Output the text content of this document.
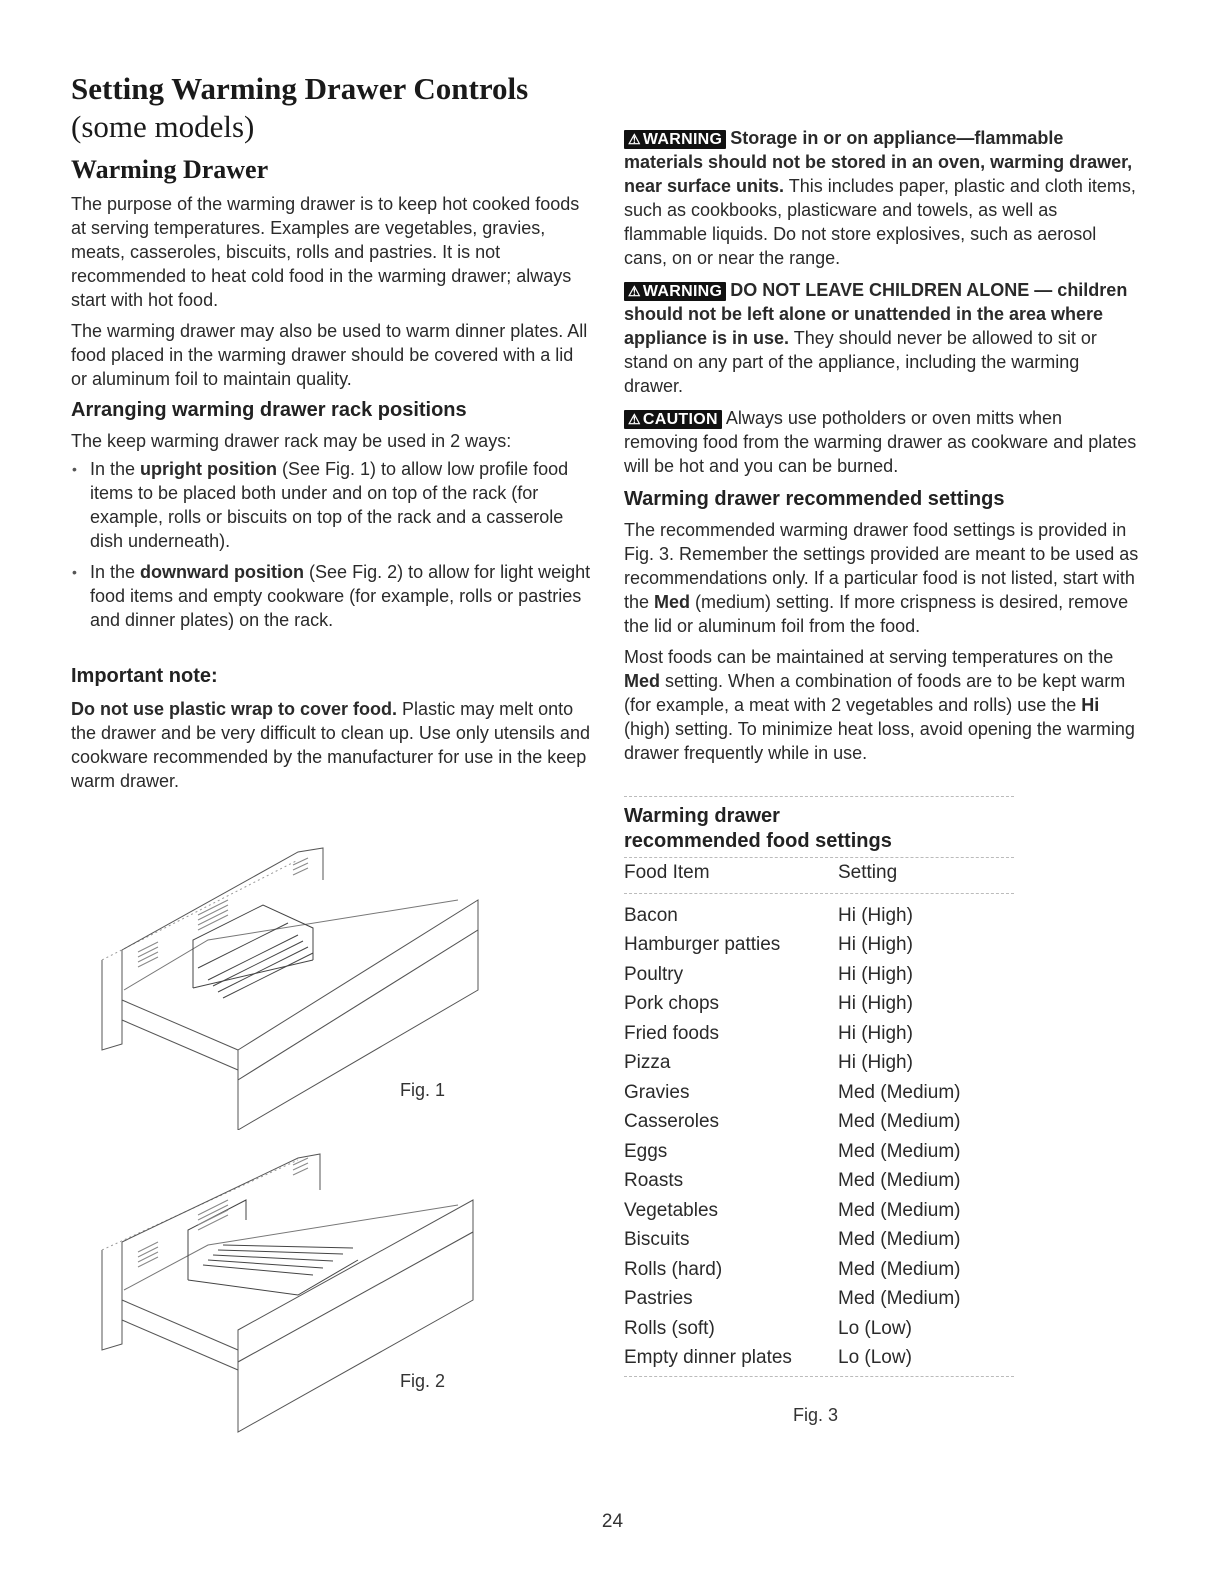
Setting Warming Drawer Controls
(some models)
Warming Drawer

The purpose of the warming drawer is to keep hot cooked foods at serving temperatures. Examples are vegetables, gravies, meats, casseroles, biscuits, rolls and pastries. It is not recommended to heat cold food in the warming drawer; always start with hot food.

The warming drawer may also be used to warm dinner plates. All food placed in the warming drawer should be covered with a lid or aluminum foil to maintain quality.

Arranging warming drawer rack positions

The keep warming drawer rack may be used in 2 ways:

• In the upright position (See Fig. 1) to allow low profile food items to be placed both under and on top of the rack (for example, rolls or biscuits on top of the rack and a casserole dish underneath).
• In the downward position (See Fig. 2) to allow for light weight food items and empty cookware (for example, rolls or pastries and dinner plates) on the rack.

Important note:

Do not use plastic wrap to cover food. Plastic may melt onto the drawer and be very difficult to clean up. Use only utensils and cookware recommended by the manufacturer for use in the keep warm drawer.

Fig. 1
Fig. 2

⚠ WARNING Storage in or on appliance—flammable materials should not be stored in an oven, warming drawer, near surface units. This includes paper, plastic and cloth items, such as cookbooks, plasticware and towels, as well as flammable liquids. Do not store explosives, such as aerosol cans, on or near the range.

⚠ WARNING DO NOT LEAVE CHILDREN ALONE — children should not be left alone or unattended in the area where appliance is in use. They should never be allowed to sit or stand on any part of the appliance, including the warming drawer.

⚠ CAUTION Always use potholders or oven mitts when removing food from the warming drawer as cookware and plates will be hot and you can be burned.

Warming drawer recommended settings

The recommended warming drawer food settings is provided in Fig. 3. Remember the settings provided are meant to be used as recommendations only. If a particular food is not listed, start with the Med (medium) setting. If more crispness is desired, remove the lid or aluminum foil from the food.

Most foods can be maintained at serving temperatures on the Med setting. When a combination of foods are to be kept warm (for example, a meat with 2 vegetables and rolls) use the Hi (high) setting. To minimize heat loss, avoid opening the warming drawer frequently while in use.

Warming drawer
recommended food settings
Food Item	Setting
Bacon	Hi (High)
Hamburger patties	Hi (High)
Poultry	Hi (High)
Pork chops	Hi (High)
Fried foods	Hi (High)
Pizza	Hi (High)
Gravies	Med (Medium)
Casseroles	Med (Medium)
Eggs	Med (Medium)
Roasts	Med (Medium)
Vegetables	Med (Medium)
Biscuits	Med (Medium)
Rolls (hard)	Med (Medium)
Pastries	Med (Medium)
Rolls (soft)	Lo (Low)
Empty dinner plates	Lo (Low)
Fig. 3
24
